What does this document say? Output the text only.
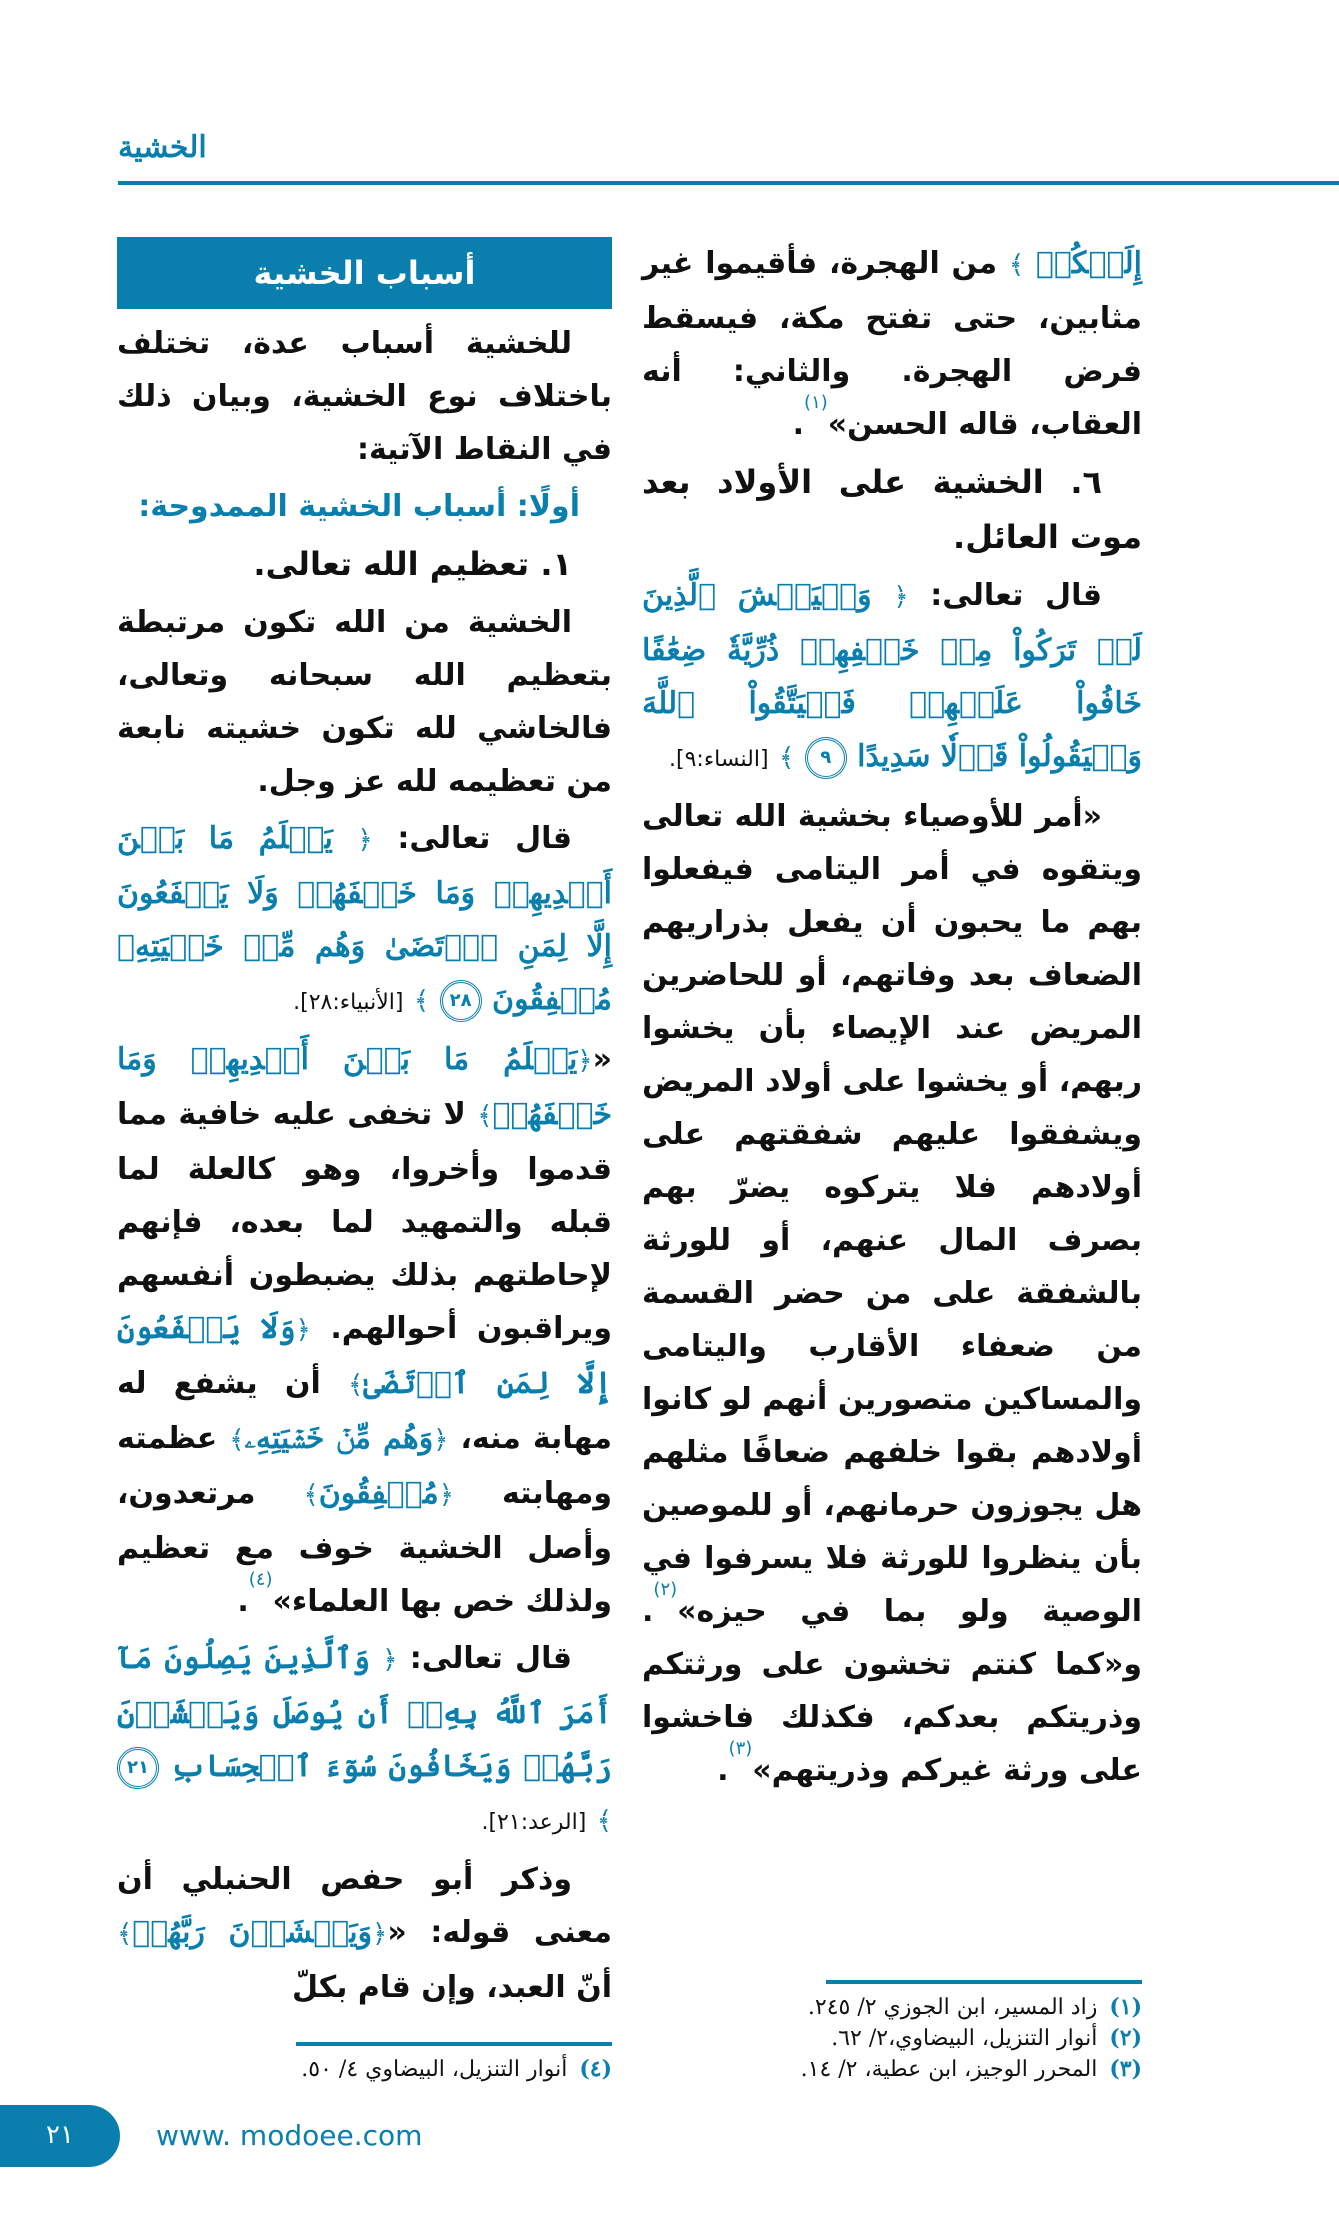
الخشية
أسباب الخشية

للخشية أسباب عدة، تختلف باختلاف نوع الخشية، وبيان ذلك في النقاط الآتية:

أولًا: أسباب الخشية الممدوحة:

١. تعظيم الله تعالى.

الخشية من الله تكون مرتبطة بتعظيم الله سبحانه وتعالى، فالخاشي لله تكون خشيته نابعة من تعظيمه لله عز وجل.

قال تعالى: ﴿ يَعۡلَمُ مَا بَيۡنَ أَيۡدِيهِمۡ وَمَا خَلۡفَهُمۡ وَلَا يَشۡفَعُونَ إِلَّا لِمَنِ ٱرۡتَضَىٰ وَهُم مِّنۡ خَشۡيَتِهِۦ مُشۡفِقُونَ ٢٨ ﴾ [الأنبياء:٢٨].

«﴿يَعۡلَمُ مَا بَيۡنَ أَيۡدِيهِمۡ وَمَا خَلۡفَهُمۡ﴾ لا تخفى عليه خافية مما قدموا وأخروا، وهو كالعلة لما قبله والتمهيد لما بعده، فإنهم لإحاطتهم بذلك يضبطون أنفسهم ويراقبون أحوالهم. ﴿وَلَا يَشۡفَعُونَ إِلَّا لِمَنِ ٱرۡتَضَىٰ﴾ أن يشفع له مهابة منه، ﴿وَهُم مِّنۡ خَشۡيَتِهِۦ﴾ عظمته ومهابته ﴿مُشۡفِقُونَ﴾ مرتعدون، وأصل الخشية خوف مع تعظيم ولذلك خص بها العلماء»$^{(٤)}$.

قال تعالى: ﴿ وَٱلَّذِينَ يَصِلُونَ مَآ أَمَرَ ٱللَّهُ بِهِۦٓ أَن يُوصَلَ وَيَخۡشَوۡنَ رَبَّهُمۡ وَيَخَافُونَ سُوٓءَ ٱلۡحِسَابِ ٢١ ﴾ [الرعد:٢١].

وذكر أبو حفص الحنبلي أن معنى قوله: «﴿وَيَخۡشَوۡنَ رَبَّهُمۡ﴾ أنّ العبد، وإن قام بكلّ

(٤)أنوار التنزيل، البيضاوي ٤/ ٥٠.

إِلَيۡكُمۡ ﴾ من الهجرة، فأقيموا غير مثابين، حتى تفتح مكة، فيسقط فرض الهجرة. والثاني: أنه العقاب، قاله الحسن»$^{(١)}$.

٦. الخشية على الأولاد بعد موت العائل.

قال تعالى: ﴿ وَلۡيَخۡشَ ٱلَّذِينَ لَوۡ تَرَكُواْ مِنۡ خَلۡفِهِمۡ ذُرِّيَّةٗ ضِعَٰفًا خَافُواْ عَلَيۡهِمۡ فَلۡيَتَّقُواْ ٱللَّهَ وَلۡيَقُولُواْ قَوۡلٗا سَدِيدًا ٩ ﴾ [النساء:٩].

«أمر للأوصياء بخشية الله تعالى ويتقوه في أمر اليتامى فيفعلوا بهم ما يحبون أن يفعل بذراريهم الضعاف بعد وفاتهم، أو للحاضرين المريض عند الإيصاء بأن يخشوا ربهم، أو يخشوا على أولاد المريض ويشفقوا عليهم شفقتهم على أولادهم فلا يتركوه يضرّ بهم بصرف المال عنهم، أو للورثة بالشفقة على من حضر القسمة من ضعفاء الأقارب واليتامى والمساكين متصورين أنهم لو كانوا أولادهم بقوا خلفهم ضعافًا مثلهم هل يجوزون حرمانهم، أو للموصين بأن ينظروا للورثة فلا يسرفوا في الوصية ولو بما في حيزه»$^{(٢)}$. و«كما كنتم تخشون على ورثتكم وذريتكم بعدكم، فكذلك فاخشوا على ورثة غيركم وذريتهم»$^{(٣)}$.

(١)زاد المسير، ابن الجوزي ٢/ ٢٤٥.

(٢)أنوار التنزيل، البيضاوي،٢/ ٦٢.

(٣)المحرر الوجيز، ابن عطية، ٢/ ١٤.

٢١	www. modoee.com
